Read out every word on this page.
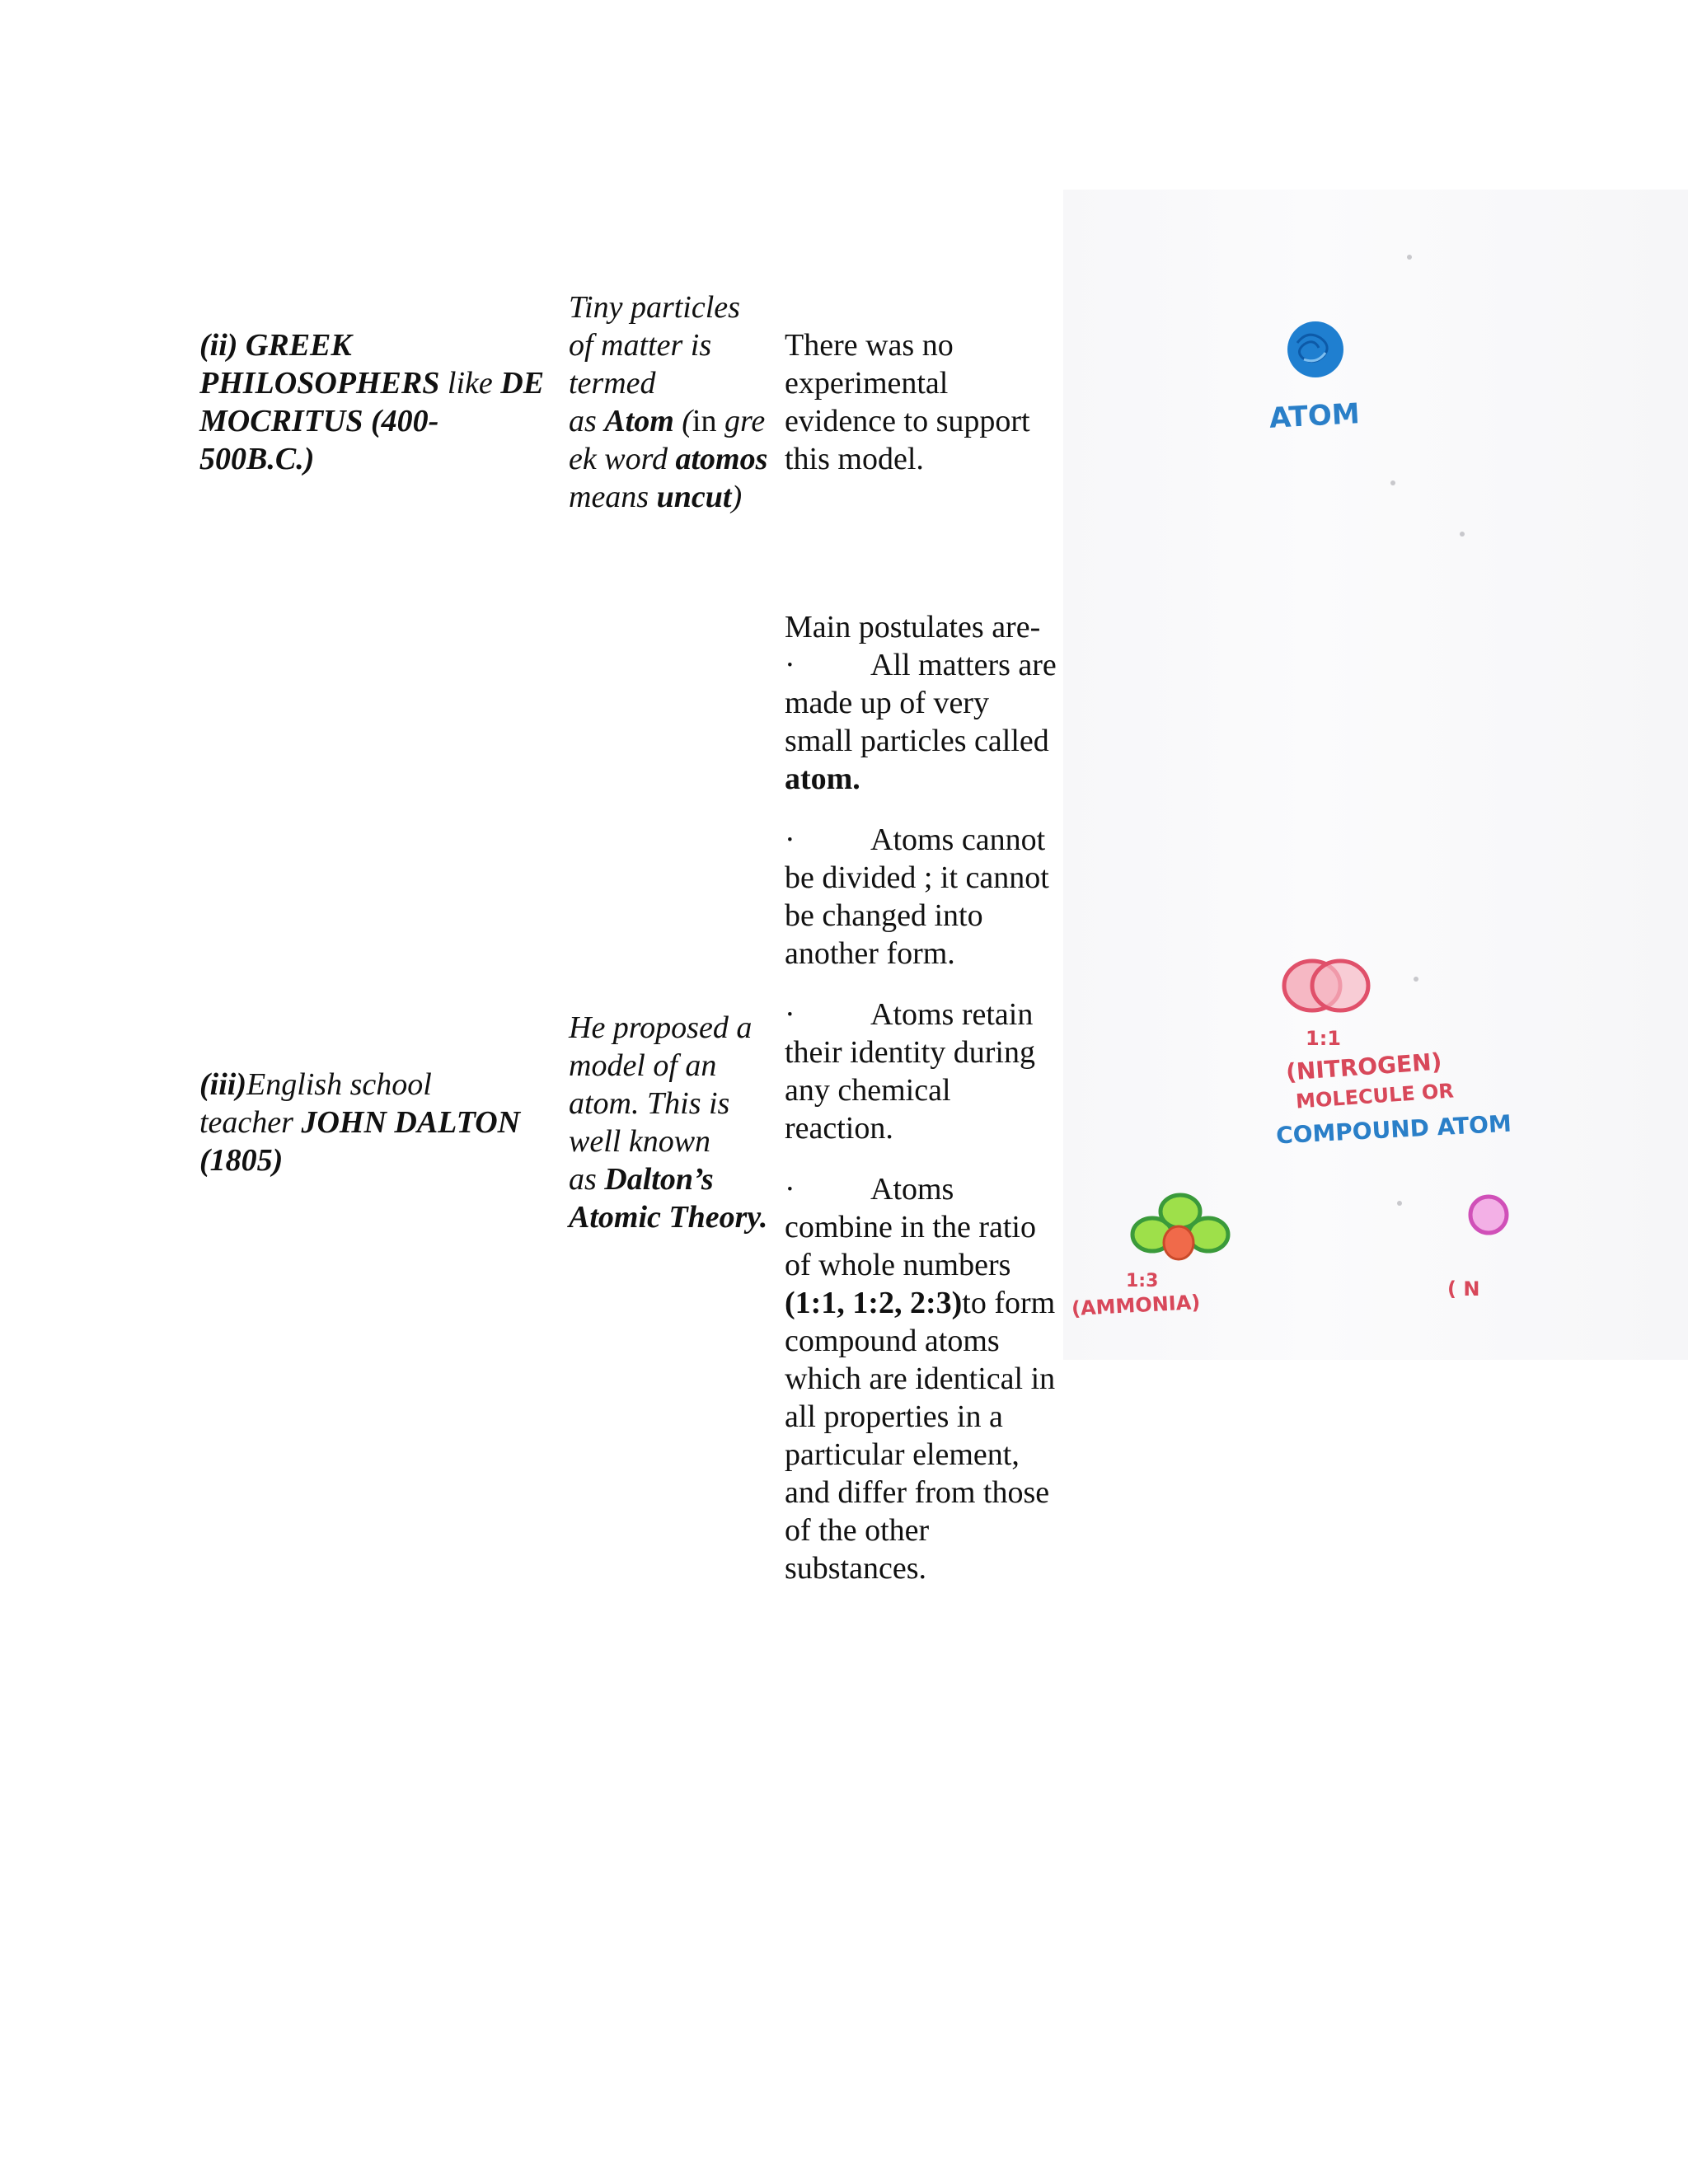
(ii) GREEK
PHILOSOPHERS like DE
MOCRITUS (400-
500B.C.)
Tiny particles
of matter is
termed
as Atom (in gre
ek word atomos
means uncut)
There was no experimental evidence to support this model.
(iii)English school
teacher JOHN DALTON
(1805)
He proposed a
model of an
atom. This is
well known
as Dalton’s
Atomic Theory.

Main postulates are-

· All matters are made up of very small particles called atom.

· Atoms cannot be divided ; it cannot be changed into another form.

· Atoms retain their identity during any chemical reaction.

· Atoms combine in the ratio of whole numbers (1:1, 1:2, 2:3)to form compound atoms which are identical in all properties in a particular element, and differ from those of the other substances.

ATOM
1:1
(NITROGEN)
MOLECULE OR
COMPOUND ATOM
1:3
(AMMONIA)
( N
